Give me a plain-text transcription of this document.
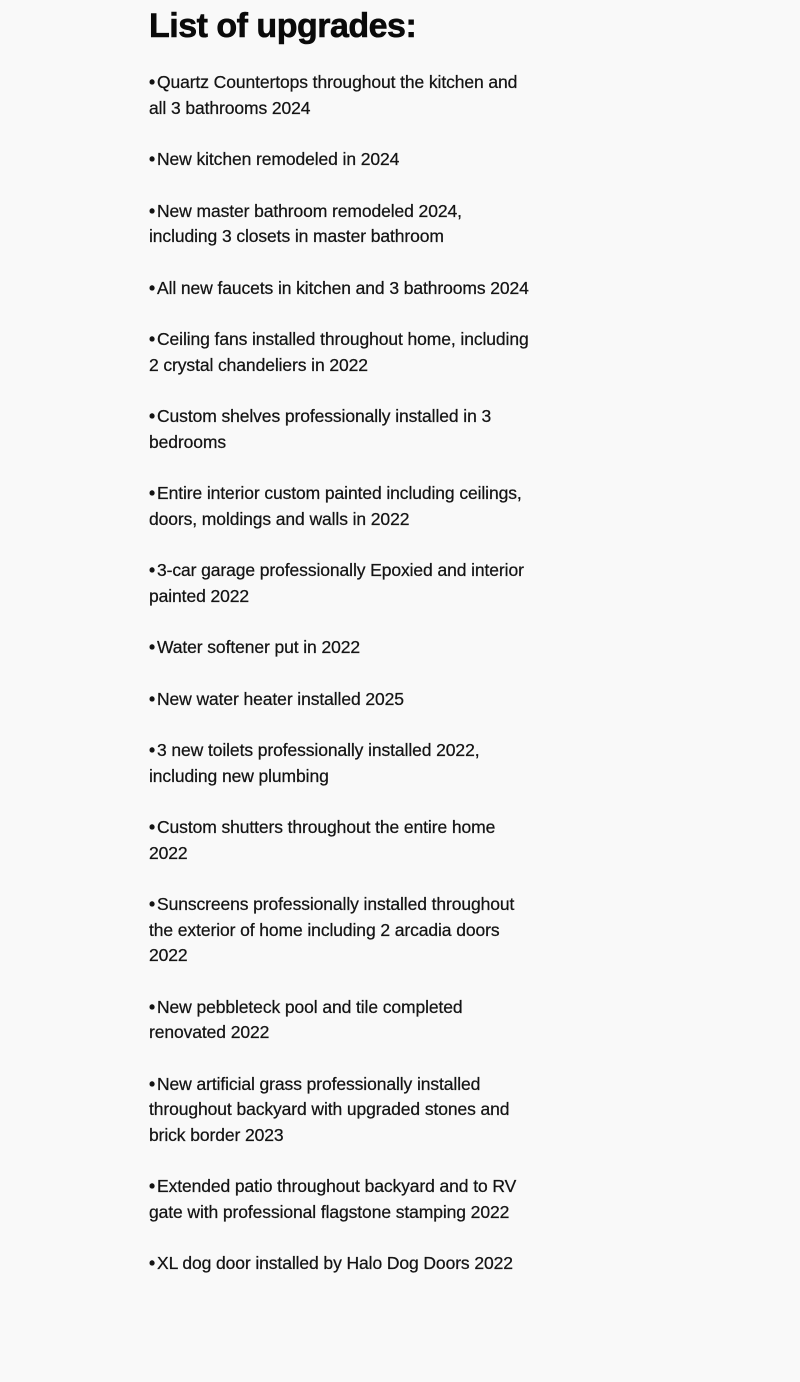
List of upgrades:
• Quartz Countertops throughout the kitchen and all 3 bathrooms 2024
• New kitchen remodeled in 2024
• New master bathroom remodeled 2024, including 3 closets in master bathroom
• All new faucets in kitchen and 3 bathrooms 2024
• Ceiling fans installed throughout home, including 2 crystal chandeliers in 2022
• Custom shelves professionally installed in 3 bedrooms
• Entire interior custom painted including ceilings, doors, moldings and walls in 2022
• 3-car garage professionally Epoxied and interior painted 2022
• Water softener put in 2022
• New water heater installed 2025
• 3 new toilets professionally installed 2022, including new plumbing
• Custom shutters throughout the entire home 2022
• Sunscreens professionally installed throughout the exterior of home including 2 arcadia doors 2022
• New pebbleteck pool and tile completed renovated 2022
• New artificial grass professionally installed throughout backyard with upgraded stones and brick border 2023
• Extended patio throughout backyard and to RV gate with professional flagstone stamping 2022
• XL dog door installed by Halo Dog Doors 2022
